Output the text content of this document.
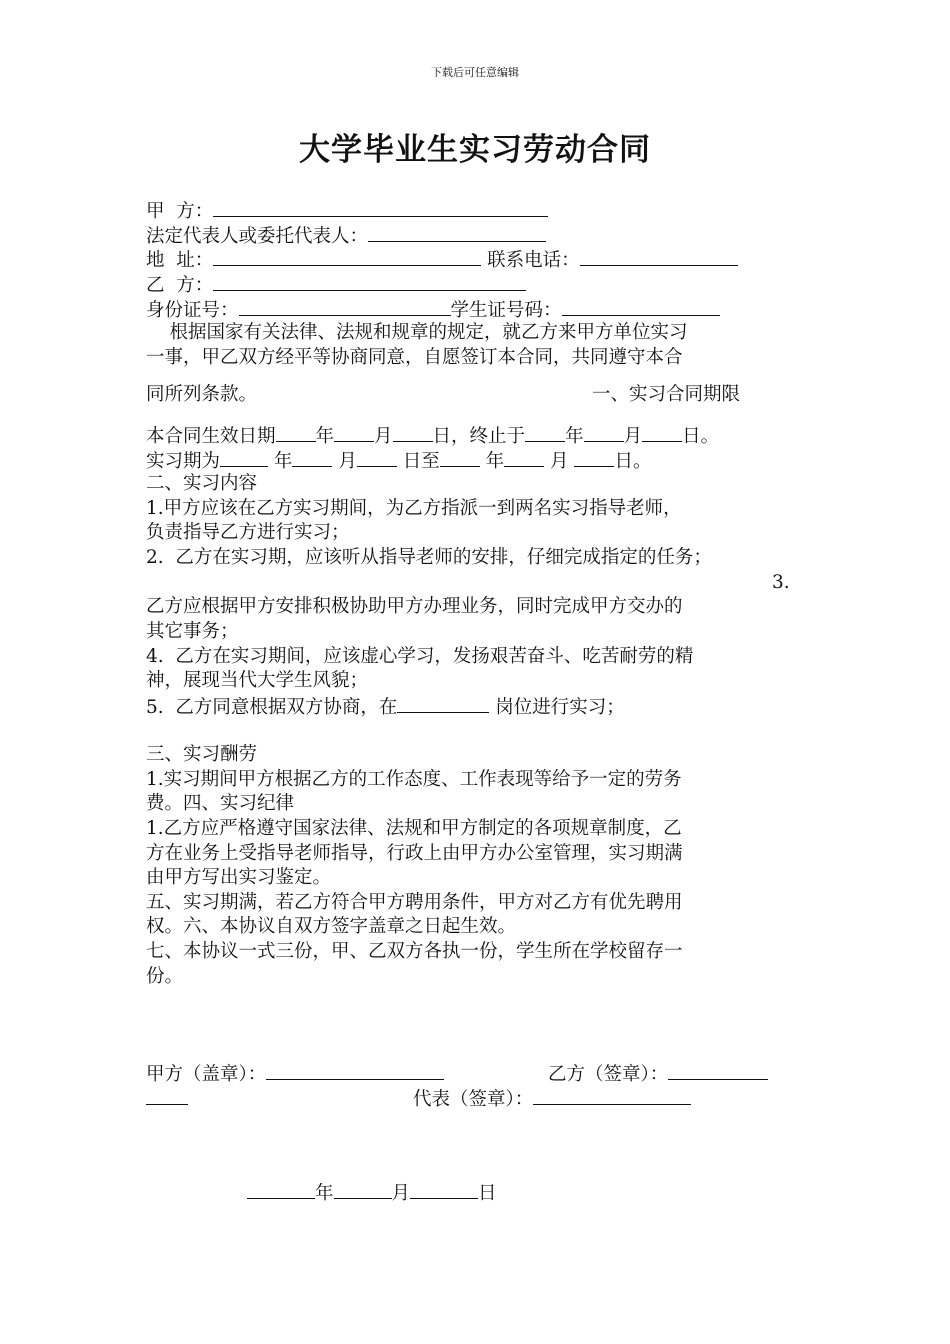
下载后可任意编辑
大学毕业生实习劳动合同
甲  方：
法定代表人或委托代表人：
地  址：	联系电话：
乙  方：
身份证号：	学生证号码：
根据国家有关法律、法规和规章的规定，就乙方来甲方单位实习
一事，甲乙双方经平等协商同意，自愿签订本合同，共同遵守本合
同所列条款。	一、实习合同期限
本合同生效日期 年 月 日，终止于 年 月 日。
实习期为	年 月 日至 年 月 日。
二、实习内容
1.甲方应该在乙方实习期间，为乙方指派一到两名实习指导老师，
负责指导乙方进行实习；
2.  乙方在实习期，应该听从指导老师的安排，仔细完成指定的任务；
3.
乙方应根据甲方安排积极协助甲方办理业务，同时完成甲方交办的
其它事务；
4.  乙方在实习期间，应该虚心学习，发扬艰苦奋斗、吃苦耐劳的精
神，展现当代大学生风貌；
5.  乙方同意根据双方协商，在	岗位进行实习；
三、实习酬劳
1.实习期间甲方根据乙方的工作态度、工作表现等给予一定的劳务
费。四、实习纪律
1.乙方应严格遵守国家法律、法规和甲方制定的各项规章制度，乙
方在业务上受指导老师指导，行政上由甲方办公室管理，实习期满
由甲方写出实习鉴定。
五、实习期满，若乙方符合甲方聘用条件，甲方对乙方有优先聘用
权。六、本协议自双方签字盖章之日起生效。
七、本协议一式三份，甲、乙双方各执一份，学生所在学校留存一
份。
甲方（盖章）：	乙方（签章）：
代表（签章）：
年	月	日
